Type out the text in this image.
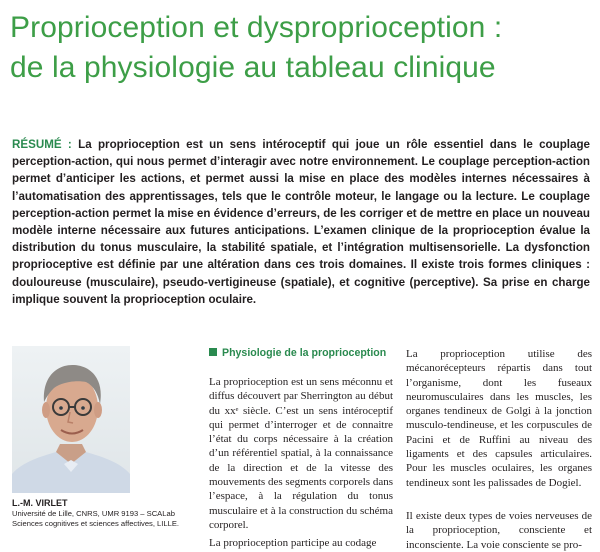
Proprioception et dysproprioception :
de la physiologie au tableau clinique

RÉSUMÉ : La proprioception est un sens intéroceptif qui joue un rôle essentiel dans le couplage perception-action, qui nous permet d’interagir avec notre environnement. Le couplage perception-action permet d’anticiper les actions, et permet aussi la mise en place des modèles internes nécessaires à l’automatisation des apprentissages, tels que le contrôle moteur, le langage ou la lecture. Le couplage perception-action permet la mise en évidence d’erreurs, de les corriger et de mettre en place un nouveau modèle interne nécessaire aux futures anticipations. L’examen clinique de la proprioception évalue la distribution du tonus musculaire, la stabilité spatiale, et l’intégration multisensorielle. La dysfonction proprioceptive est définie par une altération dans ces trois domaines. Il existe trois formes cliniques : douloureuse (musculaire), pseudo-vertigineuse (spatiale), et cognitive (perceptive). Sa prise en charge implique souvent la proprioception oculaire.

L.-M. VIRLET

Université de Lille, CNRS, UMR 9193 – SCALab
Sciences cognitives et sciences affectives, LILLE.

Physiologie de la proprioception

La proprioception est un sens méconnu et diffus découvert par Sherrington au début du xxᵉ siècle. C’est un sens intéroceptif qui permet d’interroger et de connaitre l’état du corps nécessaire à la création d’un référentiel spatial, à la connaissance de la direction et de la vitesse des mouvements des segments corporels dans l’espace, à la régulation du tonus musculaire et à la construction du schéma corporel.

La proprioception participe au codage

La proprioception utilise des mécanorécepteurs répartis dans tout l’organisme, dont les fuseaux neuromusculaires dans les muscles, les organes tendineux de Golgi à la jonction musculo-tendineuse, et les corpuscules de Pacini et de Ruffini au niveau des ligaments et des capsules articulaires. Pour les muscles oculaires, les organes tendineux sont les palissades de Dogiel.

Il existe deux types de voies nerveuses de la proprioception, consciente et inconsciente. La voie consciente se pro-
